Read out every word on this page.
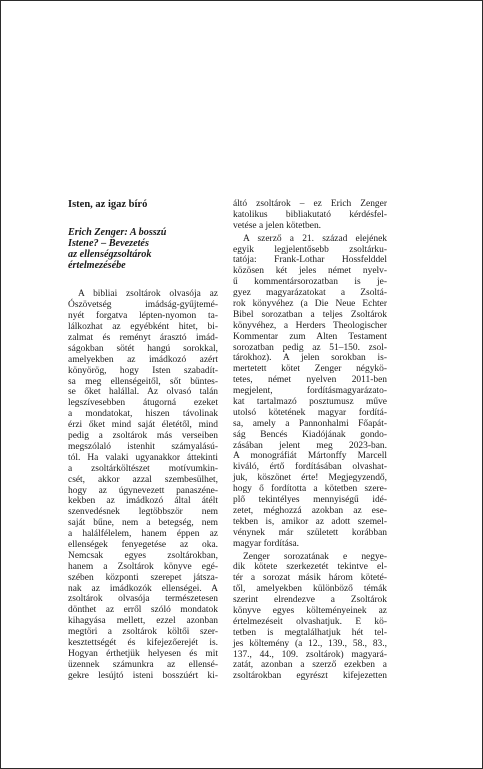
Isten, az igaz bíró
Erich Zenger: A bosszú
Istene? – Bevezetés
az ellenségzsoltárok
értelmezésébe
A bibliai zsoltárok olvasója az
Ószövetség imádság-gyűjtemé-
nyét forgatva lépten-nyomon ta-
lálkozhat az egyébként hitet, bi-
zalmat és reményt árasztó imád-
ságokban sötét hangú sorokkal,
amelyekben az imádkozó azért
könyörög, hogy Isten szabadít-
sa meg ellenségeitől, sőt büntes-
se őket halállal. Az olvasó talán
legszívesebben átugorná ezeket
a mondatokat, hiszen távolinak
érzi őket mind saját életétől, mind
pedig a zsoltárok más verseiben
megszólaló istenhit számyalású-
tól. Ha valaki ugyanakkor áttekinti
a zsoltárköltészet motívumkin-
csét, akkor azzal szembesülhet,
hogy az úgynevezett panaszéne-
kekben az imádkozó által átélt
szenvedésnek legtöbbször nem
saját bűne, nem a betegség, nem
a halálfélelem, hanem éppen az
ellenségek fenyegetése az oka.
Nemcsak egyes zsoltárokban,
hanem a Zsoltárok könyve egé-
szében központi szerepet játsza-
nak az imádkozók ellenségei. A
zsoltárok olvasója természetesen
dönthet az erről szóló mondatok
kihagyása mellett, ezzel azonban
megtöri a zsoltárok költői szer-
kesztettségét és kifejezőerejét is.
Hogyan érthetjük helyesen és mit
üzennek számunkra az ellensé-
gekre lesújtó isteni bosszúért ki-
áltó zsoltárok – ez Erich Zenger
katolikus bibliakutató kérdésfel-
vetése a jelen kötetben.
A szerző a 21. század elejének
egyik legjelentősebb zsoltárku-
tatója: Frank-Lothar Hossfelddel
közösen két jeles német nyelv-
ű kommentársorozatban is je-
gyez magyarázatokat a Zsoltá-
rok könyvéhez (a Die Neue Echter
Bibel sorozatban a teljes Zsoltárok
könyvéhez, a Herders Theologischer
Kommentar zum Alten Testament
sorozatban pedig az 51–150. zsol-
tárokhoz). A jelen sorokban is-
mertetett kötet Zenger négykö-
tetes, német nyelven 2011-ben
megjelent, fordításmagyarázato-
kat tartalmazó posztumusz műve
utolsó kötetének magyar fordítá-
sa, amely a Pannonhalmi Főapát-
ság Bencés Kiadójának gondo-
zásában jelent meg 2023-ban.
A monográfiát Mártonffy Marcell
kiváló, értő fordításában olvashat-
juk, köszönet érte! Megjegyzendő,
hogy ő fordította a kötetben szere-
plő tekintélyes mennyiségű idé-
zetet, méghozzá azokban az ese-
tekben is, amikor az adott szemel-
vénynek már született korábban
magyar fordítása.
Zenger sorozatának e negye-
dik kötete szerkezetét tekintve el-
tér a sorozat másik három köteté-
től, amelyekben különböző témák
szerint elrendezve a Zsoltárok
könyve egyes költeményeinek az
értelmezéseit olvashatjuk. E kö-
tetben is megtalálhatjuk hét tel-
jes költemény (a 12., 139., 58., 83.,
137., 44., 109. zsoltárok) magyará-
zatát, azonban a szerző ezekben a
zsoltárokban egyrészt kifejezetten
